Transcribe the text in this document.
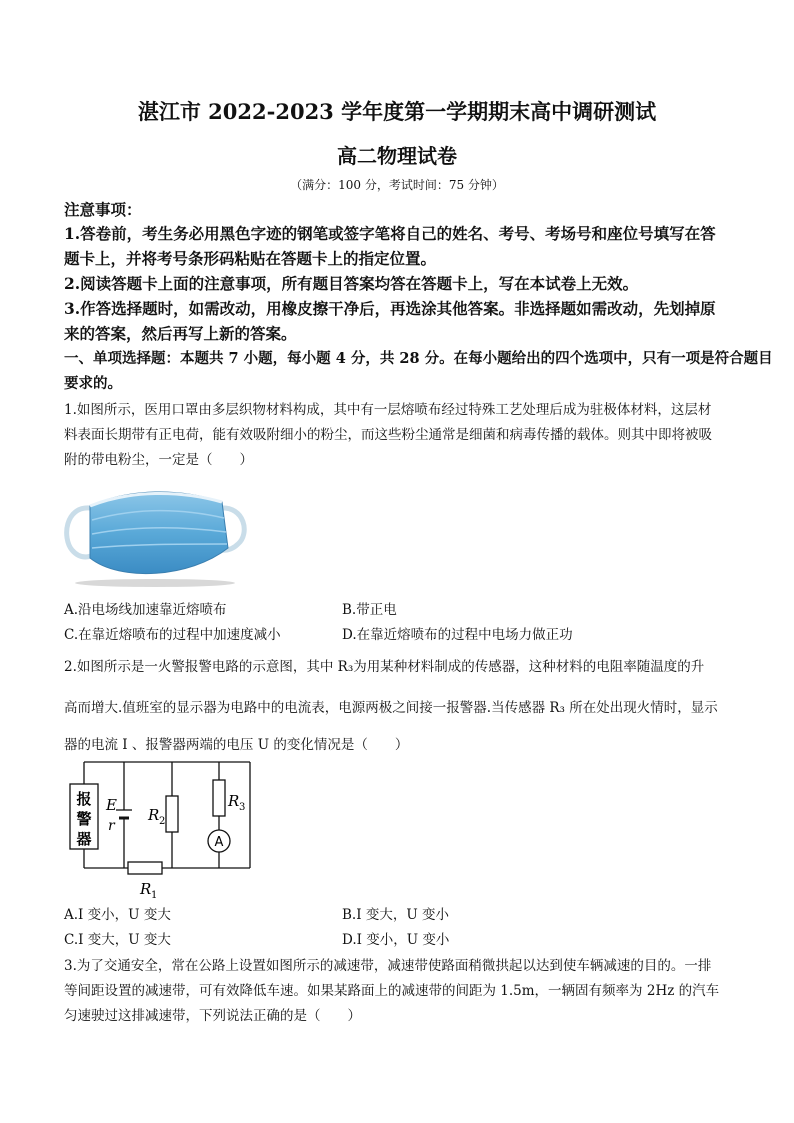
湛江市 2022-2023 学年度第一学期期末高中调研测试
高二物理试卷
（满分：100 分，考试时间：75 分钟）
注意事项：
1.答卷前，考生务必用黑色字迹的钢笔或签字笔将自己的姓名、考号、考场号和座位号填写在答
题卡上，并将考号条形码粘贴在答题卡上的指定位置。
2.阅读答题卡上面的注意事项，所有题目答案均答在答题卡上，写在本试卷上无效。
3.作答选择题时，如需改动，用橡皮擦干净后，再选涂其他答案。非选择题如需改动，先划掉原
来的答案，然后再写上新的答案。
一、单项选择题：本题共 7 小题，每小题 4 分，共 28 分。在每小题给出的四个选项中，只有一项是符合题目
要求的。
1.如图所示，医用口罩由多层织物材料构成，其中有一层熔喷布经过特殊工艺处理后成为驻极体材料，这层材
料表面长期带有正电荷，能有效吸附细小的粉尘，而这些粉尘通常是细菌和病毒传播的载体。则其中即将被吸
附的带电粉尘，一定是（　　）
A.沿电场线加速靠近熔喷布	B.带正电
C.在靠近熔喷布的过程中加速度减小	D.在靠近熔喷布的过程中电场力做正功
2.如图所示是一火警报警电路的示意图，其中 R₃为用某种材料制成的传感器，这种材料的电阻率随温度的升
高而增大.值班室的显示器为电路中的电流表，电源两极之间接一报警器.当传感器 R₃ 所在处出现火情时，显示
器的电流 I 、报警器两端的电压 U 的变化情况是（　　）
报
警
器
E
r
R 2
R 3
A
R 1
A.I 变小，U 变大	B.I 变大，U 变小
C.I 变大，U 变大	D.I 变小，U 变小
3.为了交通安全，常在公路上设置如图所示的减速带，减速带使路面稍微拱起以达到使车辆减速的目的。一排
等间距设置的减速带，可有效降低车速。如果某路面上的减速带的间距为 1.5m，一辆固有频率为 2Hz 的汽车
匀速驶过这排减速带，下列说法正确的是（　　）
